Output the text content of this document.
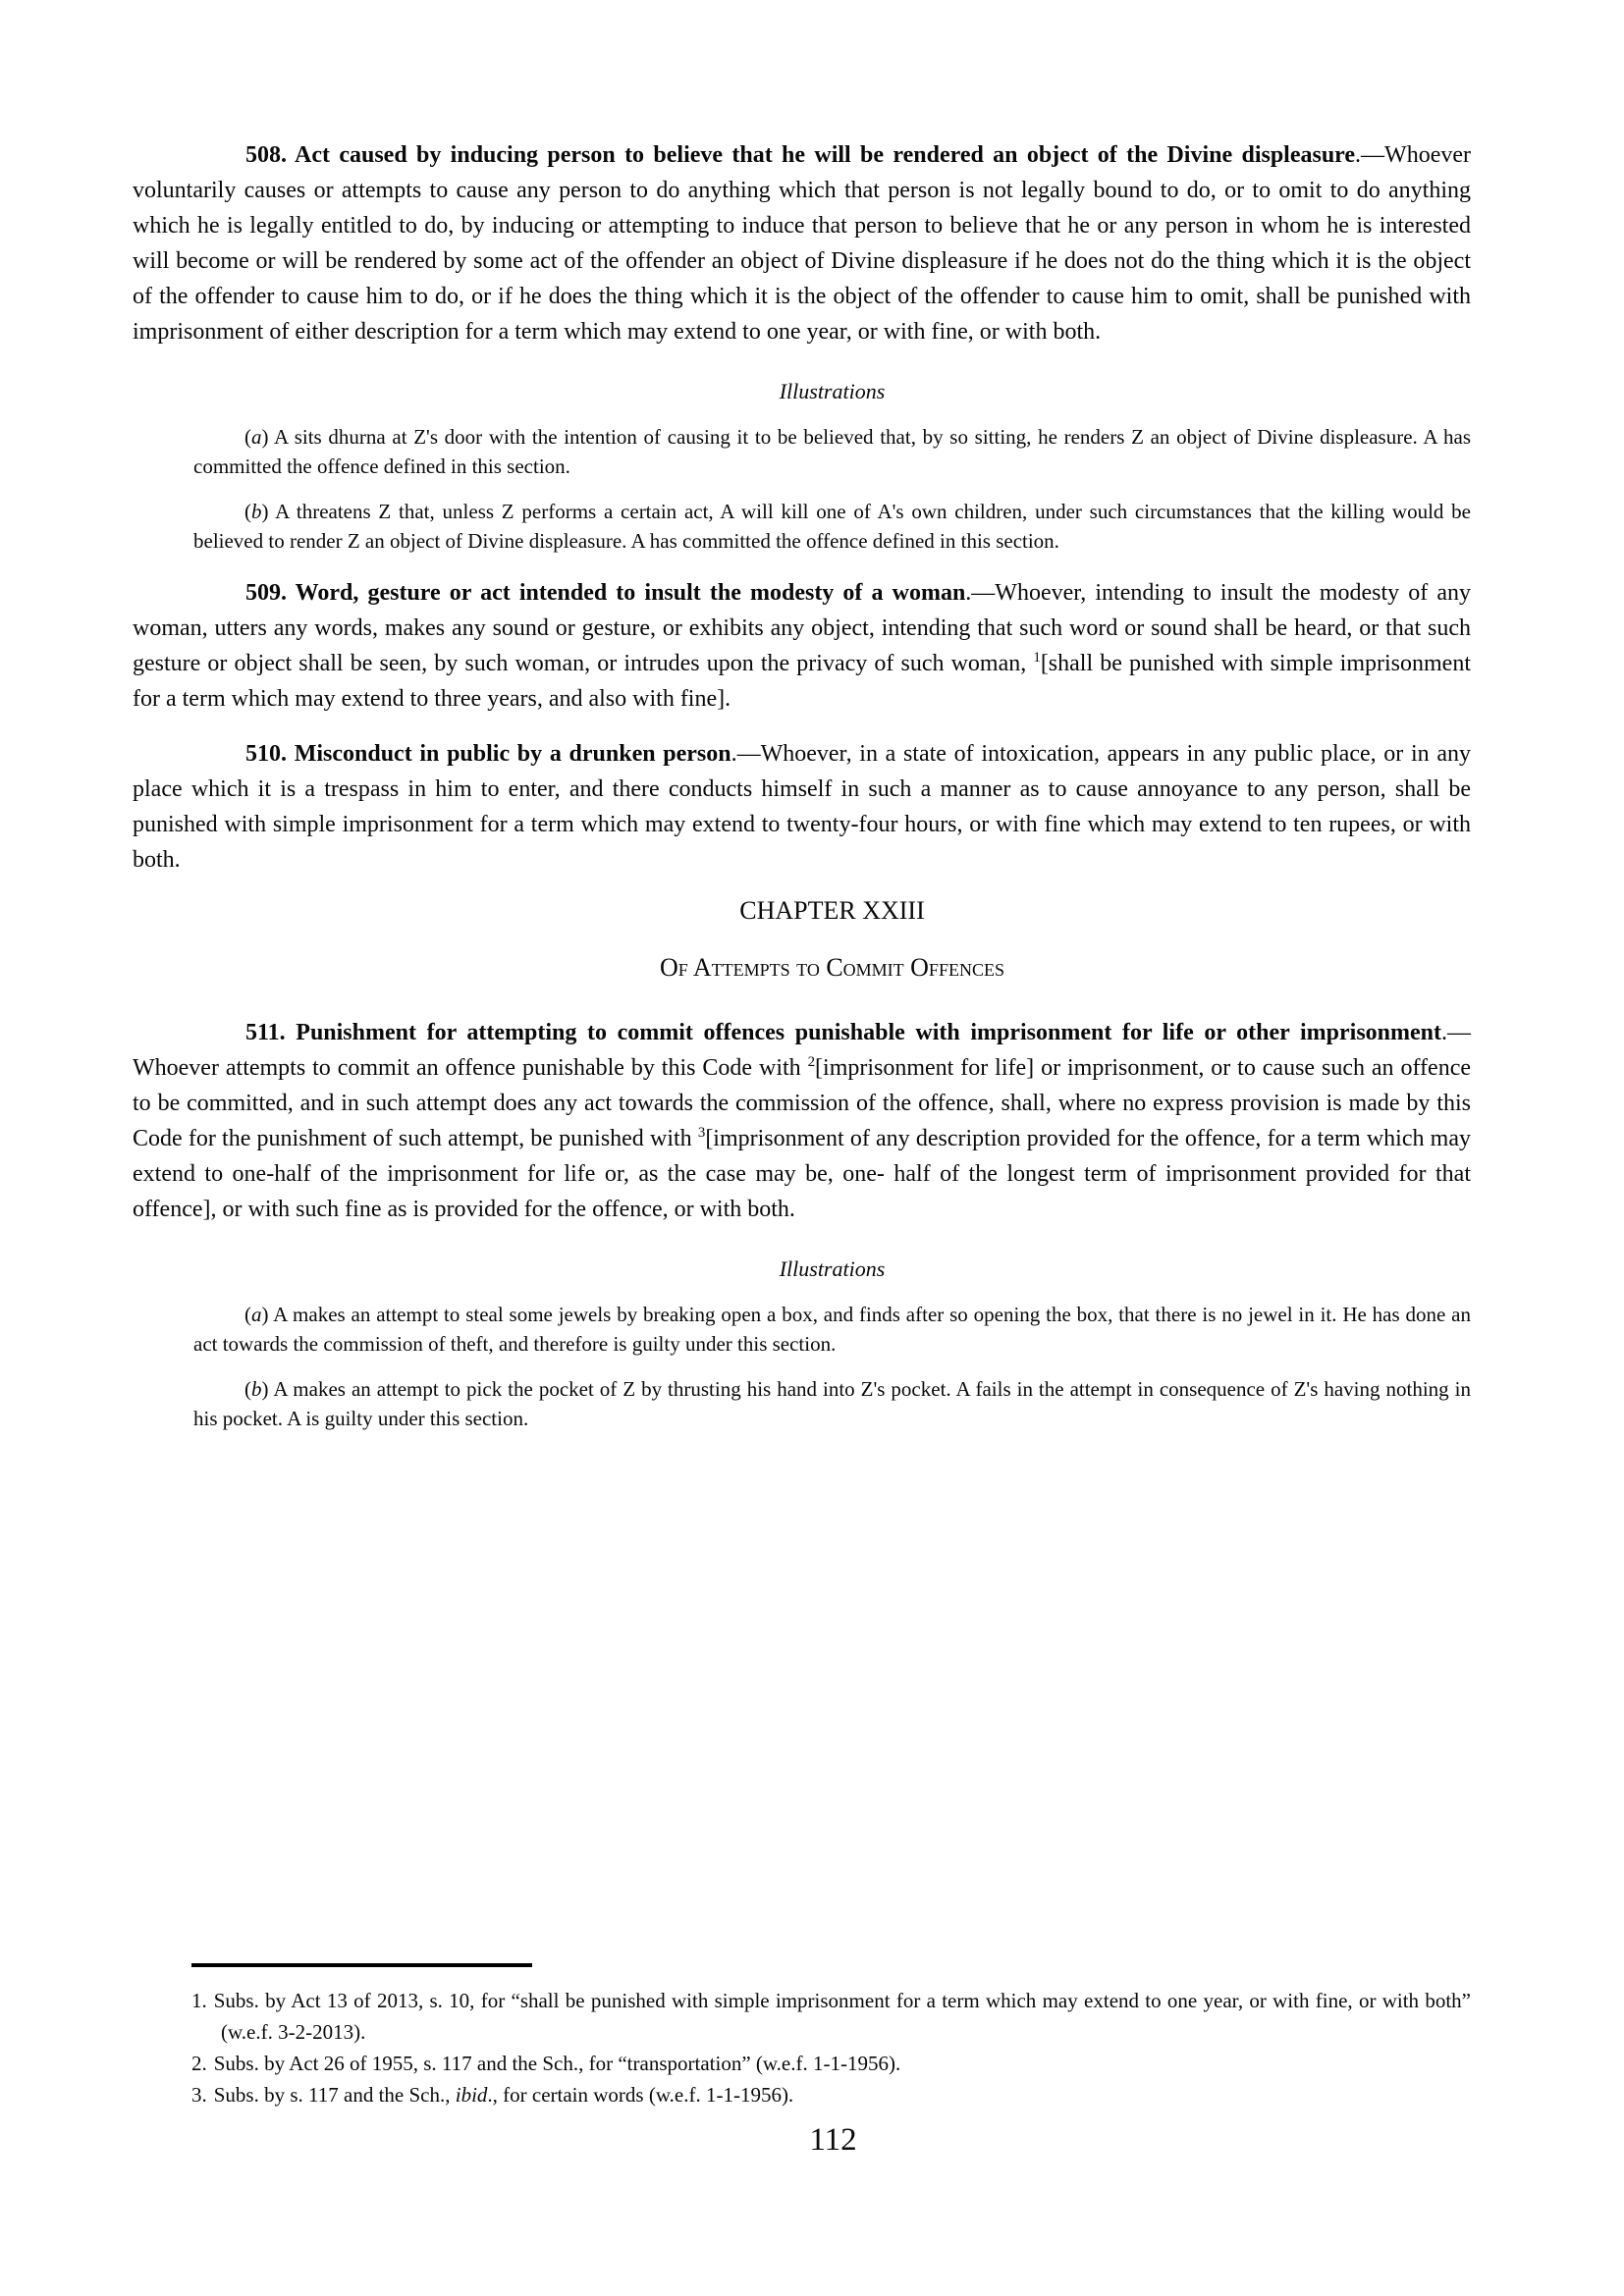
508. Act caused by inducing person to believe that he will be rendered an object of the Divine displeasure.—Whoever voluntarily causes or attempts to cause any person to do anything which that person is not legally bound to do, or to omit to do anything which he is legally entitled to do, by inducing or attempting to induce that person to believe that he or any person in whom he is interested will become or will be rendered by some act of the offender an object of Divine displeasure if he does not do the thing which it is the object of the offender to cause him to do, or if he does the thing which it is the object of the offender to cause him to omit, shall be punished with imprisonment of either description for a term which may extend to one year, or with fine, or with both.

Illustrations

(a) A sits dhurna at Z's door with the intention of causing it to be believed that, by so sitting, he renders Z an object of Divine displeasure. A has committed the offence defined in this section.

(b) A threatens Z that, unless Z performs a certain act, A will kill one of A's own children, under such circumstances that the killing would be believed to render Z an object of Divine displeasure. A has committed the offence defined in this section.

509. Word, gesture or act intended to insult the modesty of a woman.—Whoever, intending to insult the modesty of any woman, utters any words, makes any sound or gesture, or exhibits any object, intending that such word or sound shall be heard, or that such gesture or object shall be seen, by such woman, or intrudes upon the privacy of such woman, $^1$[shall be punished with simple imprisonment for a term which may extend to three years, and also with fine].

510. Misconduct in public by a drunken person.—Whoever, in a state of intoxication, appears in any public place, or in any place which it is a trespass in him to enter, and there conducts himself in such a manner as to cause annoyance to any person, shall be punished with simple imprisonment for a term which may extend to twenty-four hours, or with fine which may extend to ten rupees, or with both.

CHAPTER XXIII
Of Attempts to Commit Offences

511. Punishment for attempting to commit offences punishable with imprisonment for life or other imprisonment.—Whoever attempts to commit an offence punishable by this Code with $^2$[imprisonment for life] or imprisonment, or to cause such an offence to be committed, and in such attempt does any act towards the commission of the offence, shall, where no express provision is made by this Code for the punishment of such attempt, be punished with $^3$[imprisonment of any description provided for the offence, for a term which may extend to one-half of the imprisonment for life or, as the case may be, one- half of the longest term of imprisonment provided for that offence], or with such fine as is provided for the offence, or with both.

Illustrations

(a) A makes an attempt to steal some jewels by breaking open a box, and finds after so opening the box, that there is no jewel in it. He has done an act towards the commission of theft, and therefore is guilty under this section.

(b) A makes an attempt to pick the pocket of Z by thrusting his hand into Z's pocket. A fails in the attempt in consequence of Z's having nothing in his pocket. A is guilty under this section.

1. Subs. by Act 13 of 2013, s. 10, for “shall be punished with simple imprisonment for a term which may extend to one year, or with fine, or with both” (w.e.f. 3-2-2013).

2. Subs. by Act 26 of 1955, s. 117 and the Sch., for “transportation” (w.e.f. 1-1-1956).

3. Subs. by s. 117 and the Sch., ibid., for certain words (w.e.f. 1-1-1956).

112
